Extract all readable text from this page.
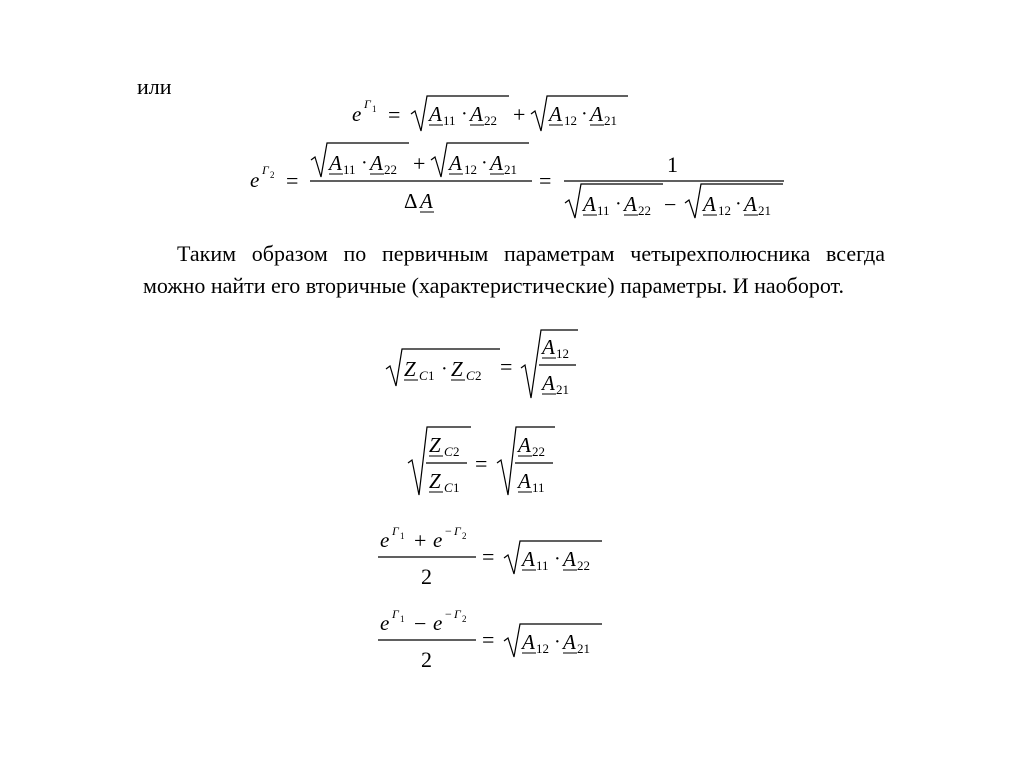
или
e Γ 1 = A 11 · A 22 + A 12 · A 21
e Γ 2 =
A 11 · A 22 + A 12 · A 21
Δ A
=
1
A 11 · A 22 − A 12 · A 21

Таким образом по первичным параметрам четырехполюсника всегда можно найти его вторичные (характеристические) параметры. И наоборот.

Z C 1 · Z C 2 =
A 12
A 21
Z C 2
Z C 1
=
A 22
A 11
e Γ 1 + e − Γ 2
2
= A 11 · A 22
e Γ 1 − e − Γ 2
2
= A 12 · A 21
